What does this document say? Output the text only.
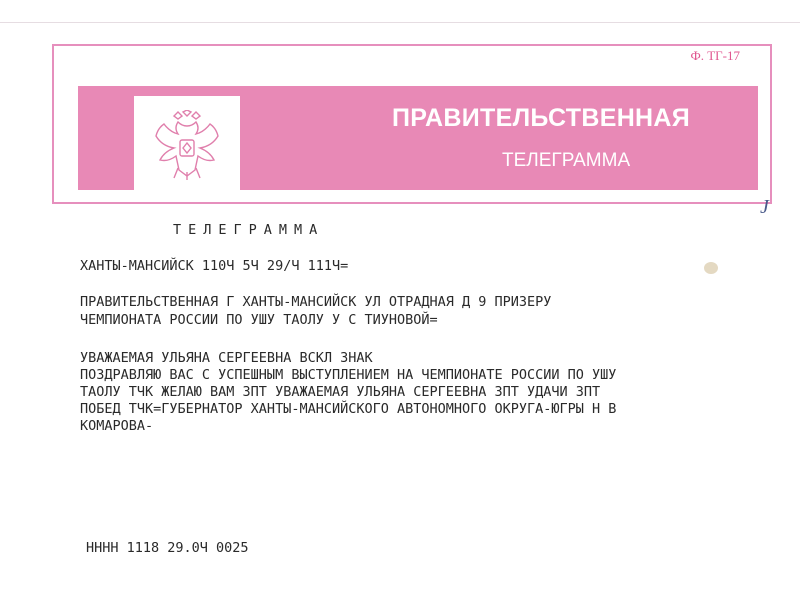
Ф. ТГ-17
ПРАВИТЕЛЬСТВЕННАЯ
ТЕЛЕГРАММА
J
ТЕЛЕГРАММА
ХАНТЫ-МАНСИЙСК 110Ч 5Ч 29/Ч 111Ч=
ПРАВИТЕЛЬСТВЕННАЯ Г ХАНТЫ-МАНСИЙСК УЛ ОТРАДНАЯ Д 9 ПРИЗЕРУ
ЧЕМПИОНАТА РОССИИ ПО УШУ ТАОЛУ У С ТИУНОВОЙ=
УВАЖАЕМАЯ УЛЬЯНА СЕРГЕЕВНА ВСКЛ ЗНАК
ПОЗДРАВЛЯЮ ВАС С УСПЕШНЫМ ВЫСТУПЛЕНИЕМ НА ЧЕМПИОНАТЕ РОССИИ ПО УШУ
ТАОЛУ ТЧК ЖЕЛАЮ ВАМ ЗПТ УВАЖАЕМАЯ УЛЬЯНА СЕРГЕЕВНА ЗПТ УДАЧИ ЗПТ
ПОБЕД ТЧК=ГУБЕРНАТОР ХАНТЫ-МАНСИЙСКОГО АВТОНОМНОГО ОКРУГА-ЮГРЫ Н В
КОМАРОВА-
НННН 1118 29.0Ч 0025
